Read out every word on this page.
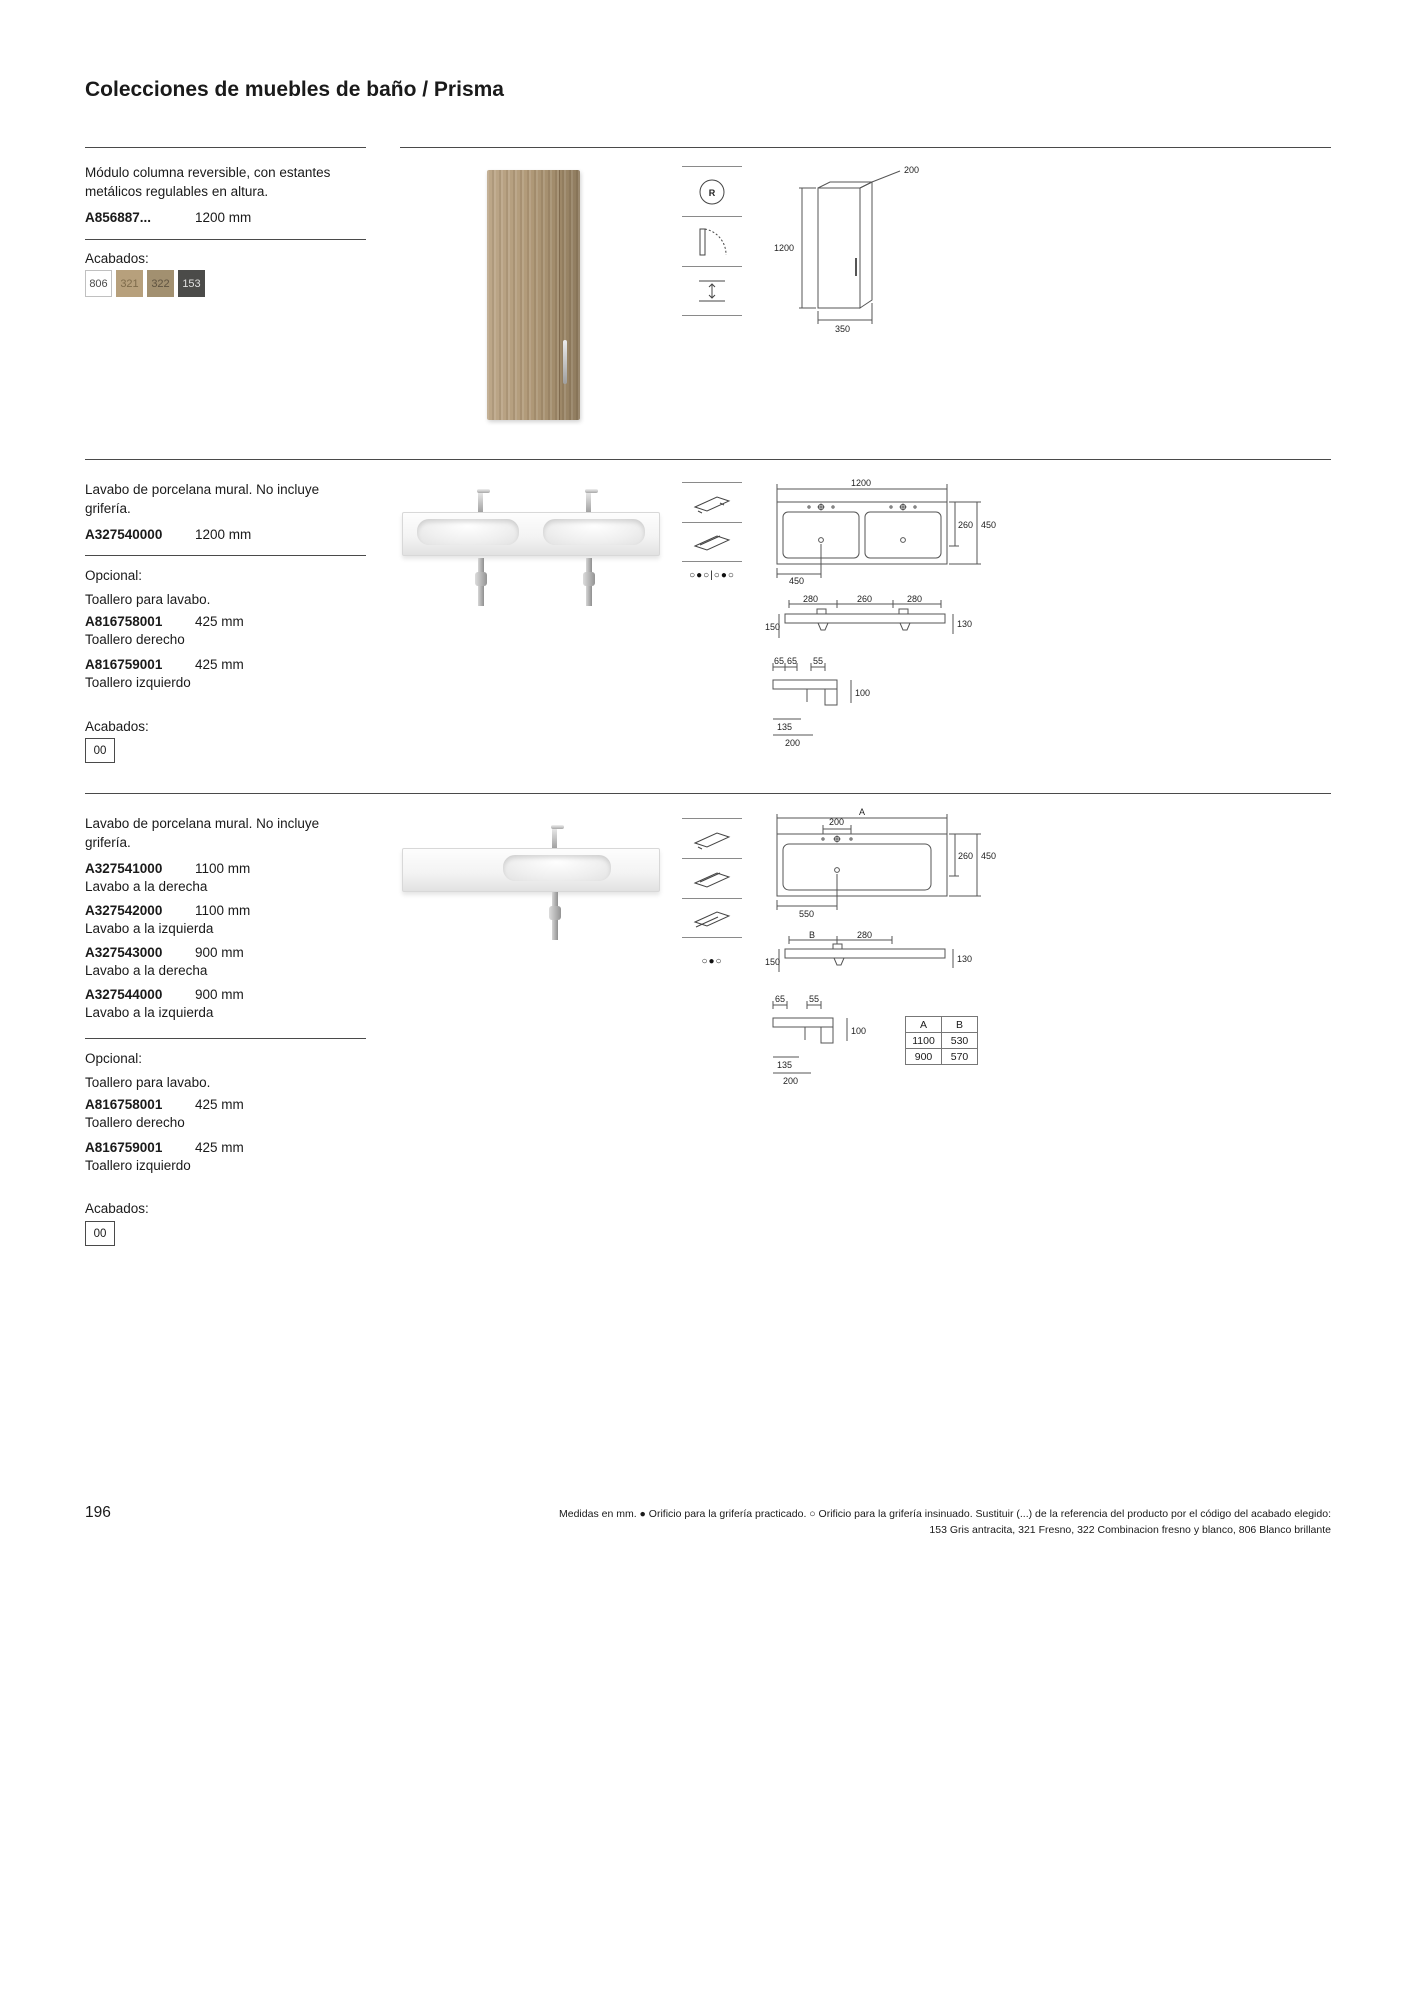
Colecciones de muebles de baño / Prisma

Módulo columna reversible, con estantes metálicos regulables en altura.

A856887...	1200 mm
Acabados:
806	321	322	153
R
1200
200
350

Lavabo de porcelana mural. No incluye grifería.

A327540000	1200 mm
Opcional:
Toallero para lavabo.
A816758001	425 mm
Toallero derecho
A816759001	425 mm
Toallero izquierdo
Acabados:
00
○●○|○●○
1200
260 450
450
280	260	280
150	130
65 65 55
100
135
200

Lavabo de porcelana mural. No incluye grifería.

A327541000	1100 mm
Lavabo a la derecha
A327542000	1100 mm
Lavabo a la izquierda
A327543000	900 mm
Lavabo a la derecha
A327544000	900 mm
Lavabo a la izquierda
Opcional:
Toallero para lavabo.
A816758001	425 mm
Toallero derecho
A816759001	425 mm
Toallero izquierdo
Acabados:
00
○●○
A
200
260 450
550
B	280
150	130
65	55
100
135
200
A	B
1100	530
900	570
196	Medidas en mm. ● Orificio para la grifería practicado. ○ Orificio para la grifería insinuado. Sustituir (...) de la referencia del producto por el código del acabado elegido:
153 Gris antracita, 321 Fresno, 322 Combinacion fresno y blanco, 806 Blanco brillante
